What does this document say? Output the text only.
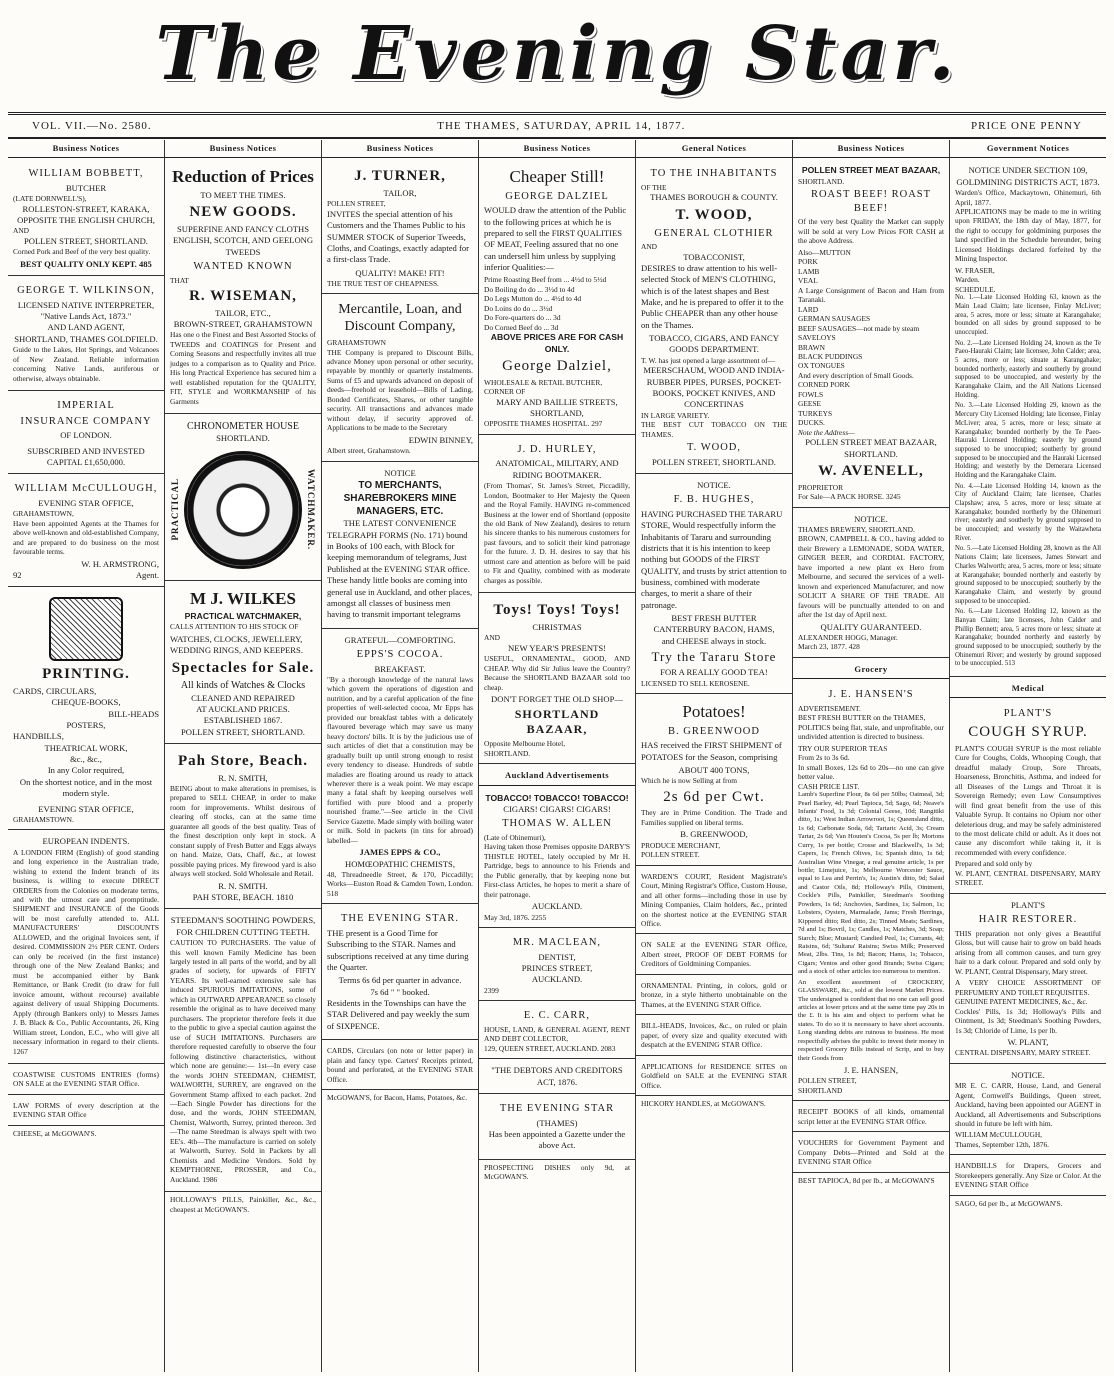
The Evening Star.
VOL. VII.—No. 2580.	THE THAMES, SATURDAY, APRIL 14, 1877.	PRICE ONE PENNY
Business Notices
WILLIAM BOBBETT,
BUTCHER
(LATE DORNWELL'S),
ROLLESTON-STREET, KARAKA,
OPPOSITE THE ENGLISH CHURCH,
AND
POLLEN STREET, SHORTLAND.

Corned Pork and Beef of the very best quality.

BEST QUALITY ONLY KEPT. 485
GEORGE T. WILKINSON,
LICENSED NATIVE INTERPRETER,
"Native Lands Act, 1873."
AND LAND AGENT,
SHORTLAND, THAMES GOLDFIELD.

Guide to the Lakes, Hot Springs, and Volcanoes of New Zealand. Reliable information concerning Native Lands, auriferous or otherwise, always obtainable.

IMPERIAL
INSURANCE COMPANY
OF LONDON.
SUBSCRIBED AND INVESTED
CAPITAL £1,650,000.
WILLIAM McCULLOUGH,
EVENING STAR OFFICE,
GRAHAMSTOWN,

Have been appointed Agents at the Thames for above well-known and old-established Company, and are prepared to do business on the most favourable terms.

W. H. ARMSTRONG,
92	Agent.
PRINTING.
CARDS, CIRCULARS,
CHEQUE-BOOKS,
BILL-HEADS
POSTERS,
HANDBILLS,
THEATRICAL WORK,
&c., &c.,
In any Color required,
On the shortest notice, and in the most
modern style.
EVENING STAR OFFICE,
GRAHAMSTOWN.
EUROPEAN INDENTS.

A LONDON FIRM (English) of good standing and long experience in the Australian trade, wishing to extend the Indent branch of its business, is willing to execute DIRECT ORDERS from the Colonies on moderate terms, and with the utmost care and promptitude. SHIPMENT and INSURANCE of the Goods will be most carefully attended to. ALL MANUFACTURERS' DISCOUNTS ALLOWED, and the original Invoices sent, if desired. COMMISSION 2½ PER CENT. Orders can only be received (in the first instance) through one of the New Zealand Banks; and must be accompanied either by Bank Remittance, or Bank Credit (to draw for full invoice amount, without recourse) available against delivery of usual Shipping Documents. Apply (through Bankers only) to Messrs James J. B. Black & Co., Public Accountants, 26, King William street, London, E.C., who will give all necessary information in regard to their clients. 1267

COASTWISE CUSTOMS ENTRIES (forms) ON SALE at the EVENING STAR Office.
LAW FORMS of every description at the EVENING STAR Office
CHEESE, at McGOWAN'S.
Business Notices
Reduction of Prices
TO MEET THE TIMES.
NEW GOODS.
SUPERFINE AND FANCY CLOTHS
ENGLISH, SCOTCH, AND GEELONG TWEEDS
WANTED KNOWN
THAT
R. WISEMAN,
TAILOR, ETC.,
BROWN-STREET, GRAHAMSTOWN

Has one o the Finest and Best Assorted Stocks of TWEEDS and COATINGS for Present and Coming Seasons and respectfully invites all true judges to a comparison as to Quality and Price. His long Practical Experience has secured him a well established reputation for the QUALITY, FIT, STYLE and WORKMANSHIP of his Garments

CHRONOMETER HOUSE
SHORTLAND.
PRACTICAL	WATCHMAKER.
M J. WILKES
PRACTICAL WATCHMAKER,

CALLS ATTENTION TO HIS STOCK OF

WATCHES, CLOCKS, JEWELLERY, WEDDING RINGS, AND KEEPERS.

Spectacles for Sale.
All kinds of Watches & Clocks
CLEANED AND REPAIRED
AT AUCKLAND PRICES.
ESTABLISHED 1867.
POLLEN STREET, SHORTLAND.
Pah Store, Beach.
R. N. SMITH,

BEING about to make alterations in premises, is prepared to SELL CHEAP, in order to make room for improvements. Whilst desirous of clearing off stocks, can at the same time guarantee all goods of the best quality. Teas of the finest description only kept in stock. A constant supply of Fresh Butter and Eggs always on hand. Maize, Oats, Chaff, &c., at lowest possible paying prices. My firewood yard is also always well stocked. Sold Wholesale and Retail.

R. N. SMITH.
PAH STORE, BEACH. 1810
STEEDMAN'S SOOTHING POWDERS, FOR CHILDREN CUTTING TEETH.

CAUTION TO PURCHASERS. The value of this well known Family Medicine has been largely tested in all parts of the world, and by all grades of society, for upwards of FIFTY YEARS. Its well-earned extensive sale has induced SPURIOUS IMITATIONS, some of which in OUTWARD APPEARANCE so closely resemble the original as to have deceived many purchasers. The proprietor therefore feels it due to the public to give a special caution against the use of SUCH IMITATIONS. Purchasers are therefore requested carefully to observe the four following distinctive characteristics, without which none are genuine:— 1st—In every case the words JOHN STEEDMAN, CHEMIST, WALWORTH, SURREY, are engraved on the Government Stamp affixed to each packet. 2nd—Each Single Powder has directions for the dose, and the words, JOHN STEEDMAN, Chemist, Walworth, Surrey, printed thereon. 3rd—The name Steedman is always spelt with two EE's. 4th—The manufacture is carried on solely at Walworth, Surrey. Sold in Packets by all Chemists and Medicine Vendors. Sold by KEMPTHORNE, PROSSER, and Co., Auckland. 1986

HOLLOWAY'S PILLS, Painkiller, &c., &c., cheapest at McGOWAN'S.
Business Notices
J. TURNER,
TAILOR,
POLLEN STREET,

INVITES the special attention of his Customers and the Thames Public to his SUMMER STOCK of Superior Tweeds, Cloths, and Coatings, exactly adapted for a first-class Trade.

QUALITY! MAKE! FIT!
THE TRUE TEST OF CHEAPNESS.
Mercantile, Loan, and Discount Company,
GRAHAMSTOWN

THE Company is prepared to Discount Bills, advance Money upon personal or other security, repayable by monthly or quarterly instalments. Sums of £5 and upwards advanced on deposit of deeds—freehold or leasehold—Bills of Lading, Bonded Certificates, Shares, or other tangible security. All transactions and advances made without delay, if security approved of. Applications to be made to the Secretary

EDWIN BINNEY,
Albert street, Grahamstown.
NOTICE
TO MERCHANTS, SHAREBROKERS MINE MANAGERS, ETC.
THE LATEST CONVENIENCE

TELEGRAPH FORMS (No. 171) bound in Books of 100 each, with Block for keeping memorandum of telegrams, Just Published at the EVENING STAR office. These handy little books are coming into general use in Auckland, and other places, amongst all classes of business men having to transmit important telegrams

GRATEFUL—COMFORTING.
EPPS'S COCOA.
BREAKFAST.

"By a thorough knowledge of the natural laws which govern the operations of digestion and nutrition, and by a careful application of the fine properties of well-selected cocoa, Mr Epps has provided our breakfast tables with a delicately flavoured beverage which may save us many heavy doctors' bills. It is by the judicious use of such articles of diet that a constitution may be gradually built up until strong enough to resist every tendency to disease. Hundreds of subtle maladies are floating around us ready to attack wherever there is a weak point. We may escape many a fatal shaft by keeping ourselves well fortified with pure blood and a properly nourished frame."—See article in the Civil Service Gazette. Made simply with boiling water or milk. Sold in packets (in tins for abroad) labelled—

JAMES EPPS & CO.,
HOMŒOPATHIC CHEMISTS,
48, Threadneedle Street, & 170, Piccadilly; Works—Euston Road & Camden Town, London. 518
THE EVENING STAR.

THE present is a Good Time for Subscribing to the STAR. Names and subscriptions received at any time during the Quarter.

Terms 6s 6d per quarter in advance.
7s 6d " " booked.

Residents in the Townships can have the STAR Delivered and pay weekly the sum of SIXPENCE.

CARDS, Circulars (on note or letter paper) in plain and fancy type. Carters' Receipts printed, bound and perforated, at the EVENING STAR Office.
McGOWAN'S, for Bacon, Hams, Potatoes, &c.
Business Notices
Cheaper Still!
GEORGE DALZIEL

WOULD draw the attention of the Public to the following prices at which he is prepared to sell the FIRST QUALITIES OF MEAT, Feeling assured that no one can undersell him unless by supplying inferior Qualities:—

Prime Roasting Beef from ... 4½d to 5½d
Do Boiling do do ... 3½d to 4d
Do Legs Mutton do ... 4½d to 4d
Do Loins do do ... 3½d
Do Fore-quarters do ... 3d
Do Corned Beef do ... 3d
ABOVE PRICES ARE FOR CASH ONLY.
George Dalziel,
WHOLESALE & RETAIL BUTCHER,
CORNER OF
MARY AND BAILLIE STREETS,
SHORTLAND,
OPPOSITE THAMES HOSPITAL. 297
J. D. HURLEY,
ANATOMICAL, MILITARY, AND RIDING BOOTMAKER.

(From Thomas', St. James's Street, Piccadilly, London, Bootmaker to Her Majesty the Queen and the Royal Family. HAVING re-commenced Business at the lower end of Shortland (opposite the old Bank of New Zealand), desires to return his sincere thanks to his numerous customers for past favours, and to solicit their kind patronage for the future. J. D. H. desires to say that his utmost care and attention as before will be paid to Fit and Quality, combined with as moderate charges as possible.

Toys! Toys! Toys!
CHRISTMAS
AND
NEW YEAR'S PRESENTS!

USEFUL, ORNAMENTAL, GOOD, AND CHEAP. Why did Sir Julius leave the Country? Because the SHORTLAND BAZAAR sold too cheap.

DON'T FORGET THE OLD SHOP—
SHORTLAND BAZAAR,
Opposite Melbourne Hotel,
SHORTLAND.
Auckland Advertisements
TOBACCO! TOBACCO! TOBACCO!
CIGARS! CIGARS! CIGARS!
THOMAS W. ALLEN
(Late of Ohinemuri),

Having taken those Premises opposite DARBY'S THISTLE HOTEL, lately occupied by Mr H. Partridge, begs to announce to his Friends and the Public generally, that by keeping none but First-class Articles, he hopes to merit a share of their patronage.

AUCKLAND.
May 3rd, 1876. 2255
MR. MACLEAN,
DENTIST,
PRINCES STREET,
AUCKLAND.
2399
E. C. CARR,
HOUSE, LAND, & GENERAL AGENT, RENT AND DEBT COLLECTOR,
129, QUEEN STREET, AUCKLAND. 2083
"THE DEBTORS AND CREDITORS
ACT, 1876.
THE EVENING STAR
(THAMES)

Has been appointed a Gazette under the above Act.

PROSPECTING DISHES only 9d, at McGOWAN'S.
General Notices
TO THE INHABITANTS
OF THE
THAMES BOROUGH & COUNTY.
T. WOOD,
GENERAL CLOTHIER
AND
TOBACCONIST,

DESIRES to draw attention to his well-selected Stock of MEN'S CLOTHING, which is of the latest shapes and Best Make, and he is prepared to offer it to the Public CHEAPER than any other house on the Thames.

TOBACCO, CIGARS, AND FANCY GOODS DEPARTMENT.
T. W. has just opened a large assortment of—
MEERSCHAUM, WOOD AND INDIA-RUBBER PIPES, PURSES, POCKET-BOOKS, POCKET KNIVES, AND CONCERTINAS
IN LARGE VARIETY.
THE BEST CUT TOBACCO ON THE THAMES.
T. WOOD,
POLLEN STREET, SHORTLAND.
NOTICE.
F. B. HUGHES,

HAVING PURCHASED THE TARARU STORE, Would respectfully inform the Inhabitants of Tararu and surrounding districts that it is his intention to keep nothing but GOODS of the FIRST QUALITY, and trusts by strict attention to business, combined with moderate charges, to merit a share of their patronage.

BEST FRESH BUTTER
CANTERBURY BACON, HAMS,
and CHEESE always in stock.
Try the Tararu Store
FOR A REALLY GOOD TEA!
LICENSED TO SELL KEROSENE.
Potatoes!
B. GREENWOOD

HAS received the FIRST SHIPMENT of POTATOES for the Season, comprising

ABOUT 400 TONS,
Which he is now Selling at from
2s 6d per Cwt.

They are in Prime Condition. The Trade and Families supplied on liberal terms.

B. GREENWOOD,
PRODUCE MERCHANT,
POLLEN STREET.
WARDEN'S COURT, Resident Magistrate's Court, Mining Registrar's Office, Custom House, and all other forms—including those in use by Mining Companies, Claim holders, &c., printed on the shortest notice at the EVENING STAR Office.
ON SALE at the EVENING STAR Office, Albert street, PROOF OF DEBT FORMS for Creditors of Goldmining Companies.
ORNAMENTAL Printing, in colors, gold or bronze, in a style hitherto unobtainable on the Thames, at the EVENING STAR Office.
BILL-HEADS, Invoices, &c., on ruled or plain paper, of every size and quality executed with despatch at the EVENING STAR Office.
APPLICATIONS for RESIDENCE SITES on Goldfield on SALE at the EVENING STAR Office.
HICKORY HANDLES, at McGOWAN'S.
Business Notices
POLLEN STREET MEAT BAZAAR,
SHORTLAND.
ROAST BEEF! ROAST BEEF!

Of the very best Quality the Market can supply will be sold at very Low Prices FOR CASH at the above Address.

Also—MUTTON
PORK
LAMB
VEAL
A Large Consignment of Bacon and Ham from Taranaki.
LARD
GERMAN SAUSAGES
BEEF SAUSAGES—not made by steam
SAVELOYS
BRAWN
BLACK PUDDINGS
OX TONGUES
And every description of Small Goods.
CORNED PORK
FOWLS
GEESE
TURKEYS
DUCKS.
Note the Address—
POLLEN STREET MEAT BAZAAR, SHORTLAND.
W. AVENELL,
PROPRIETOR
For Sale—A PACK HORSE. 3245
NOTICE.
THAMES BREWERY, SHORTLAND.

BROWN, CAMPBELL & CO., having added to their Brewery a LEMONADE, SODA WATER, GINGER BEER, and CORDIAL FACTORY, have imported a new plant ex Hero from Melbourne, and secured the services of a well-known and experienced Manufacturer, and now SOLICIT A SHARE OF THE TRADE. All favours will be punctually attended to on and after the 1st day of April next.

QUALITY GUARANTEED.
ALEXANDER HOGG, Manager.
March 23, 1877. 428
Grocery
J. E. HANSEN'S
ADVERTISEMENT.
BEST FRESH BUTTER on the THAMES,

POLITICS being flat, stale, and unprofitable, our undivided attention is directed to business.

TRY OUR SUPERIOR TEAS
From 2s to 3s 6d.
In small Boxes, 12s 6d to 20s—no one can give better value.
CASH PRICE LIST.

Lamb's Superfine Flour, 8s 6d per 50lbs; Oatmeal, 3d; Pearl Barley, 4d; Pearl Tapioca, 5d; Sago, 6d; Neave's Infants' Food, 1s 3d; Colonial Geese, 10d; Rangitiki ditto, 1s; West Indian Arrowroot, 1s; Queensland ditto, 1s 6d; Carbonate Soda, 6d; Tartaric Acid, 3s; Cream Tartar, 2s 6d; Van Houten's Cocoa, 5s per lb; Mortons Curry, 1s per bottle; Crosse and Blackwell's, 1s 3d; Capers, 1s; French Olives, 1s; Spanish ditto, 1s 6d; Australian Wine Vinegar, a real genuine article, 1s per bottle; Limejuice, 1s; Melbourne Worcester Sauce, equal to Lea and Perrin's, 1s; Austin's ditto, 9d; Salad and Castor Oils, 8d; Holloway's Pills, Ointment, Cockle's Pills, Painkiller, Steedman's Soothing Powders, 1s 6d; Anchovies, Sardines, 1s; Salmon, 1s; Lobsters, Oysters, Marmalade, Jams; Fresh Herrings, Kippered ditto; Red ditto, 2s; Tinned Meats; Sardines, 7d and 1s; Bovril, 1s; Candles, 1s; Matches, 3d; Soap; Starch; Blue; Mustard; Candied Peel, 1s; Currants, 4d; Raisins, 6d; 'Sultana' Raisins; Swiss Milk; Preserved Meat, 2lbs. Tins, 1s 8d; Bacon; Hams, 1s; Tobacco, Cigars; Ventos and other good Brands; Swiss Cigars; and a stock of other articles too numerous to mention.

An excellent assortment of CROCKERY, GLASSWARE, &c., sold at the lowest Market Prices. The undersigned is confident that no one can sell good articles at lower prices and at the same time pay 20s in the £. It is his aim and object to perform what he states. To do so it is necessary to have short accounts. Long standing debts are ruinous to business. He most respectfully advises the public to invest their money in respected Grocery Bills instead of Scrip, and to buy their Goods from

J. E. HANSEN,
POLLEN STREET,
SHORTLAND
RECEIPT BOOKS of all kinds, ornamental script letter at the EVENING STAR Office.
VOUCHERS for Government Payment and Company Debts—Printed and Sold at the EVENING STAR Office
BEST TAPIOCA, 8d per lb., at McGOWAN'S
Government Notices
NOTICE UNDER SECTION 109, GOLDMINING DISTRICTS ACT, 1873.
Warden's Office, Mackaytown, Ohinemuri, 6th April, 1877.

APPLICATIONS may be made to me in writing upon FRIDAY, the 18th day of May, 1877, for the right to occupy for goldmining purposes the land specified in the Schedule hereunder, being Licensed Holdings declared forfeited by the Mining Inspector.

W. FRASER,
Warden.
SCHEDULE.

No. 1.—Late Licensed Holding 63, known as the Main Lead Claim; late licensee, Finlay McLiver; area, 5 acres, more or less; situate at Karangahake; bounded on all sides by ground supposed to be unoccupied.

No. 2.—Late Licensed Holding 24, known as the Te Paeo-Hauraki Claim; late licensee, John Calder; area, 5 acres, more or less; situate at Karangahake; bounded northerly, easterly and southerly by ground supposed to be unoccupied, and westerly by the Karangahake Claim, and the All Nations Licensed Holding.

No. 3.—Late Licensed Holding 29, known as the Mercury City Licensed Holding; late licensee, Finlay McLiver; area, 5 acres, more or less; situate at Karangahake; bounded northerly by the Te Paeo-Hauraki Licensed Holding; easterly by ground supposed to be unoccupied; southerly by ground supposed to be unoccupied and the Hauraki Licensed Holding; and westerly by the Demerara Licensed Holding and the Karangahake Claim.

No. 4.—Late Licensed Holding 14, known as the City of Auckland Claim; late licensee, Charles Clapshaw; area, 5 acres, more or less; situate at Karangahake; bounded northerly by the Ohinemuri river; easterly and southerly by ground supposed to be unoccupied; and westerly by the Waitawheta River.

No. 5.—Late Licensed Holding 28, known as the All Nations Claim; late licensees, James Stewart and Charles Walworth; area, 5 acres, more or less; situate at Karangahake; bounded northerly and easterly by ground supposed to be unoccupied; southerly by the Karangahake Claim, and westerly by ground supposed to be unoccupied.

No. 6.—Late Licensed Holding 12, known as the Banyan Claim; late licensees, John Calder and Phillip Bennett; area, 5 acres more or less; situate at Karangahake; bounded northerly and easterly by ground supposed to be unoccupied; southerly by the Ohinemuri River; and westerly by ground supposed to be unoccupied. 513

Medical
PLANT'S
COUGH SYRUP.

PLANT'S COUGH SYRUP is the most reliable Cure for Coughs, Colds, Whooping Cough, that dreadful malady Croup, Sore Throats, Hoarseness, Bronchitis, Asthma, and indeed for all Diseases of the Lungs and Throat it is Sovereign Remedy; even Low Consumptives will find great benefit from the use of this Valuable Syrup. It contains no Opium nor other deleterious drug, and may be safely administered to the most delicate child or adult. As it does not cause any discomfort while taking it, it is recommended with every confidence.

Prepared and sold only by
W. PLANT, CENTRAL DISPENSARY, MARY STREET.
PLANT'S
HAIR RESTORER.

THIS preparation not only gives a Beautiful Gloss, but will cause hair to grow on bald heads arising from all common causes, and turn grey hair to a dark colour. Prepared and sold only by W. PLANT, Central Dispensary, Mary street.

A VERY CHOICE ASSORTMENT OF PERFUMERY AND TOILET REQUISITES.
GENUINE PATENT MEDICINES, &c., &c.

Cockles' Pills, 1s 3d; Holloway's Pills and Ointment, 1s 3d; Steedman's Soothing Powders, 1s 3d; Chloride of Lime, 1s per lb.

W. PLANT,
CENTRAL DISPENSARY, MARY STREET.
NOTICE.

MR E. C. CARR, House, Land, and General Agent, Cornwell's Buildings, Queen street, Auckland, having been appointed our AGENT in Auckland, all Advertisements and Subscriptions should in future be left with him.

WILLIAM McCULLOUGH,
Thames, September 12th, 1876.
HANDBILLS for Drapers, Grocers and Storekeepers generally. Any Size or Color. At the EVENING STAR Office
SAGO, 6d per lb., at McGOWAN'S.
